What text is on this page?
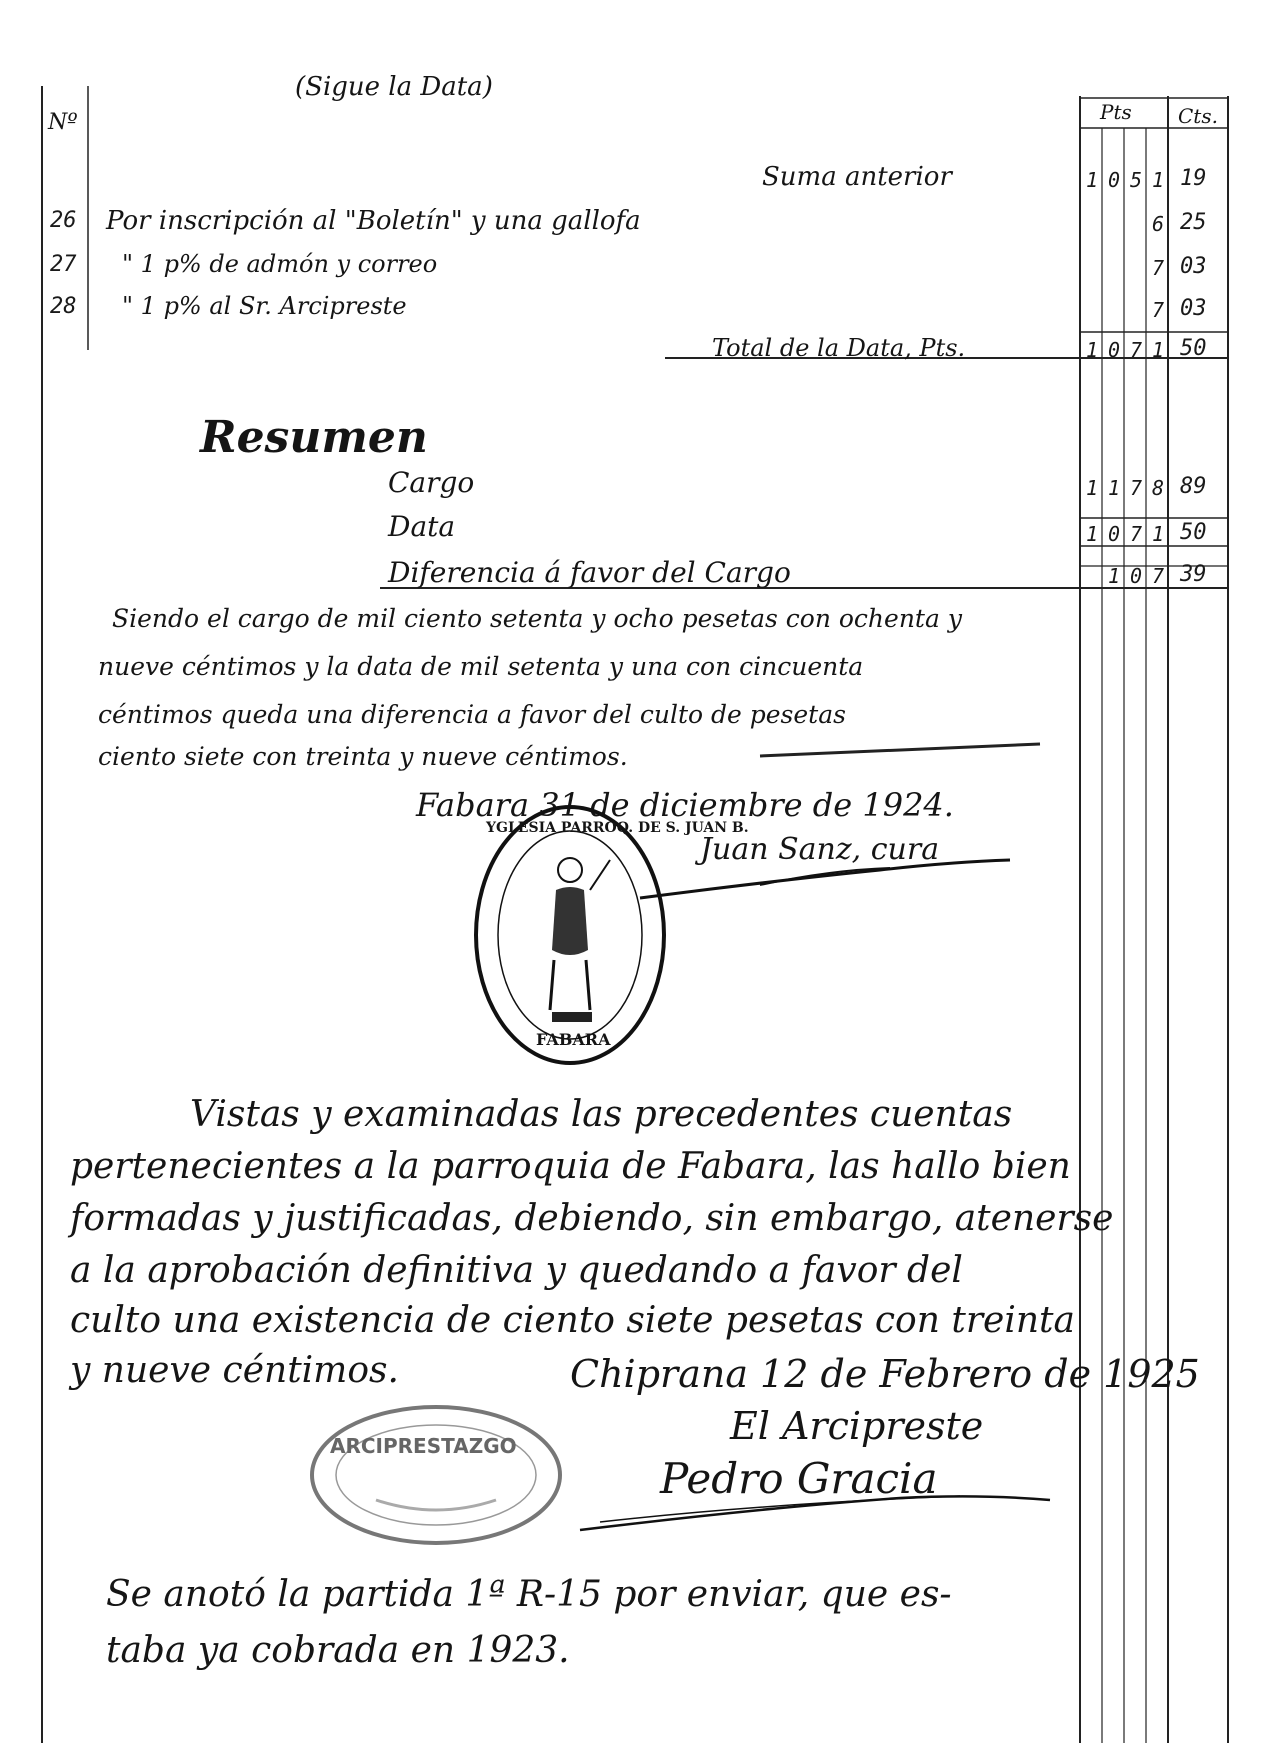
(Sigue la Data)
Nº	Pts Cts.
Suma anterior	1 0 5 1 19
26 Por inscripción al "Boletín" y una gallofa	6 25
27 " 1 p% de admón y correo	7 03
28 " 1 p% al Sr. Arcipreste	7 03
Total de la Data, Pts.	1 0 7 1 50
Resumen
Cargo	1 1 7 8 89
Data	1 0 7 1 50
Diferencia á favor del Cargo	1 0 7 39
Siendo el cargo de mil ciento setenta y ocho pesetas con ochenta y
nueve céntimos y la data de mil setenta y una con cincuenta
céntimos queda una diferencia a favor del culto de pesetas
ciento siete con treinta y nueve céntimos.
Fabara 31 de diciembre de 1924.
Juan Sanz, cura
YGLESIA PARROQ. DE S. JUAN B.
FABARA
Vistas y examinadas las precedentes cuentas
pertenecientes a la parroquia de Fabara, las hallo bien
formadas y justificadas, debiendo, sin embargo, atenerse
a la aprobación definitiva y quedando a favor del
culto una existencia de ciento siete pesetas con treinta
y nueve céntimos.	Chiprana 12 de Febrero de 1925
El Arcipreste
Pedro Gracia
ARCIPRESTAZGO
Se anotó la partida 1ª R-15 por enviar, que es-
taba ya cobrada en 1923.
